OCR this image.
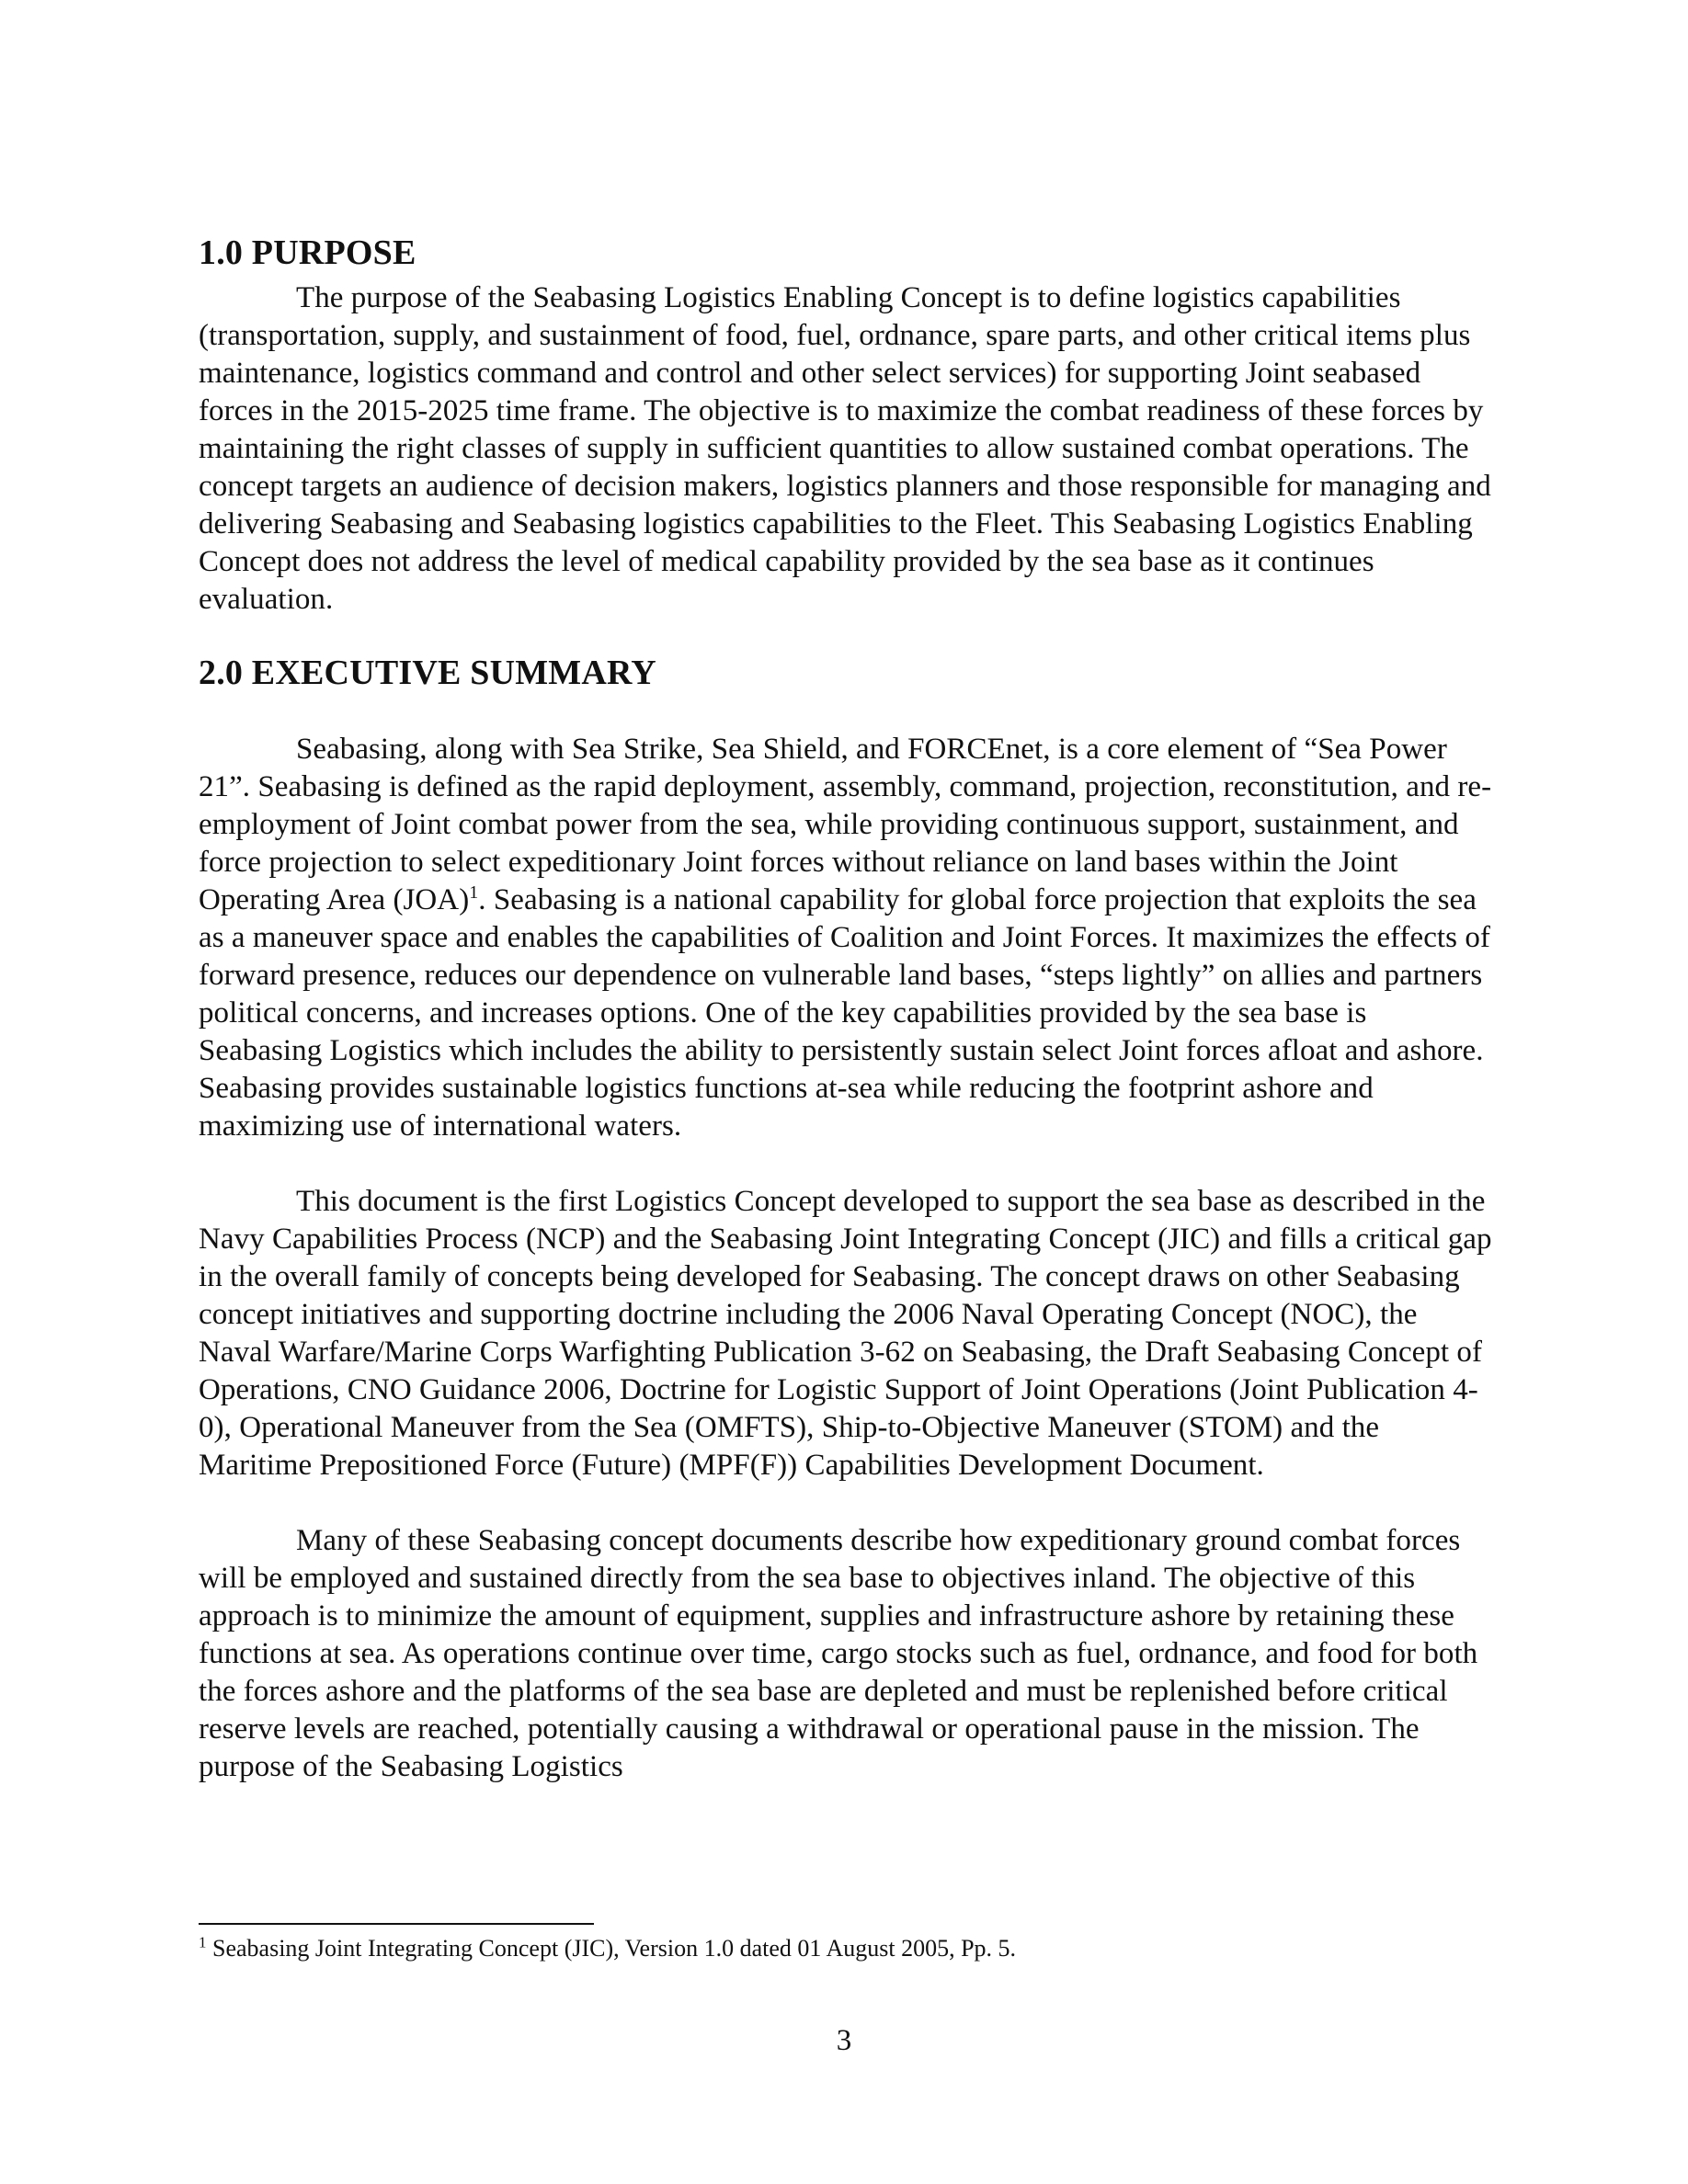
1.0 PURPOSE

The purpose of the Seabasing Logistics Enabling Concept is to define logistics capabilities (transportation, supply, and sustainment of food, fuel, ordnance, spare parts, and other critical items plus maintenance, logistics command and control and other select services) for supporting Joint seabased forces in the 2015-2025 time frame. The objective is to maximize the combat readiness of these forces by maintaining the right classes of supply in sufficient quantities to allow sustained combat operations. The concept targets an audience of decision makers, logistics planners and those responsible for managing and delivering Seabasing and Seabasing logistics capabilities to the Fleet. This Seabasing Logistics Enabling Concept does not address the level of medical capability provided by the sea base as it continues evaluation.

2.0 EXECUTIVE SUMMARY

Seabasing, along with Sea Strike, Sea Shield, and FORCEnet, is a core element of “Sea Power 21”. Seabasing is defined as the rapid deployment, assembly, command, projection, reconstitution, and re-employment of Joint combat power from the sea, while providing continuous support, sustainment, and force projection to select expeditionary Joint forces without reliance on land bases within the Joint Operating Area (JOA)$^1$. Seabasing is a national capability for global force projection that exploits the sea as a maneuver space and enables the capabilities of Coalition and Joint Forces. It maximizes the effects of forward presence, reduces our dependence on vulnerable land bases, “steps lightly” on allies and partners political concerns, and increases options. One of the key capabilities provided by the sea base is Seabasing Logistics which includes the ability to persistently sustain select Joint forces afloat and ashore. Seabasing provides sustainable logistics functions at-sea while reducing the footprint ashore and maximizing use of international waters.

This document is the first Logistics Concept developed to support the sea base as described in the Navy Capabilities Process (NCP) and the Seabasing Joint Integrating Concept (JIC) and fills a critical gap in the overall family of concepts being developed for Seabasing. The concept draws on other Seabasing concept initiatives and supporting doctrine including the 2006 Naval Operating Concept (NOC), the Naval Warfare/Marine Corps Warfighting Publication 3-62 on Seabasing, the Draft Seabasing Concept of Operations, CNO Guidance 2006, Doctrine for Logistic Support of Joint Operations (Joint Publication 4-0), Operational Maneuver from the Sea (OMFTS), Ship-to-Objective Maneuver (STOM) and the Maritime Prepositioned Force (Future) (MPF(F)) Capabilities Development Document.

Many of these Seabasing concept documents describe how expeditionary ground combat forces will be employed and sustained directly from the sea base to objectives inland. The objective of this approach is to minimize the amount of equipment, supplies and infrastructure ashore by retaining these functions at sea. As operations continue over time, cargo stocks such as fuel, ordnance, and food for both the forces ashore and the platforms of the sea base are depleted and must be replenished before critical reserve levels are reached, potentially causing a withdrawal or operational pause in the mission. The purpose of the Seabasing Logistics

$^1$ Seabasing Joint Integrating Concept (JIC), Version 1.0 dated 01 August 2005, Pp. 5.
3
